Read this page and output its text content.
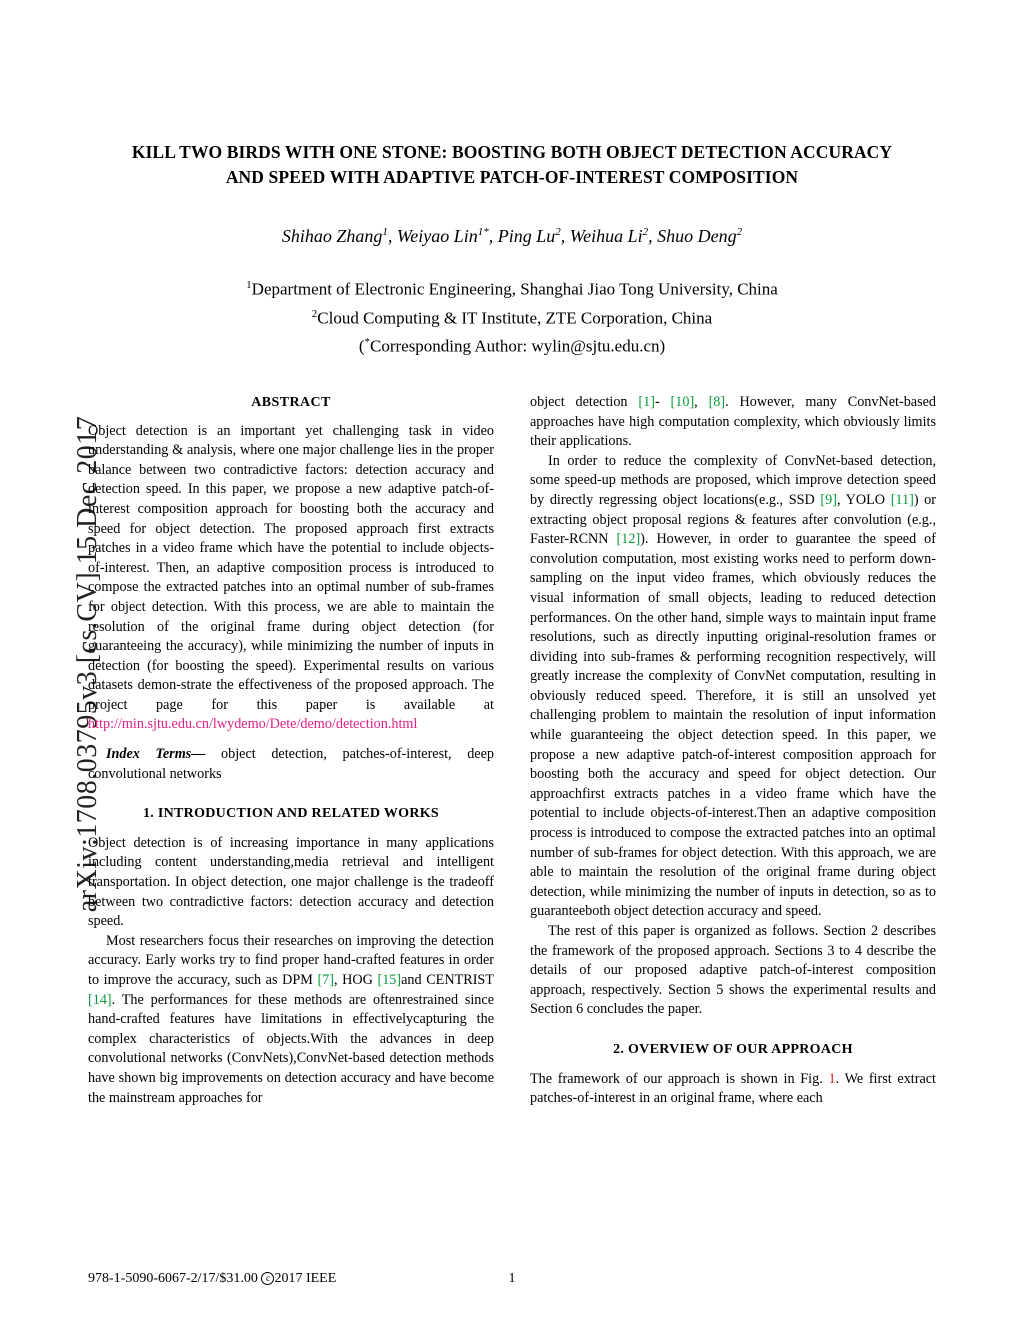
arXiv:1708.03795v3 [cs.CV] 15 Dec 2017
KILL TWO BIRDS WITH ONE STONE: BOOSTING BOTH OBJECT DETECTION ACCURACY AND SPEED WITH ADAPTIVE PATCH-OF-INTEREST COMPOSITION
Shihao Zhang$^1$, Weiyao Lin$^{1*}$, Ping Lu$^2$, Weihua Li$^2$, Shuo Deng$^2$
$^1$Department of Electronic Engineering, Shanghai Jiao Tong University, China
$^2$Cloud Computing & IT Institute, ZTE Corporation, China
(*Corresponding Author: wylin@sjtu.edu.cn)
ABSTRACT

Object detection is an important yet challenging task in video understanding & analysis, where one major challenge lies in the proper balance between two contradictive factors: detection accuracy and detection speed. In this paper, we propose a new adaptive patch-of-interest composition approach for boosting both the accuracy and speed for object detection. The proposed approach first extracts patches in a video frame which have the potential to include objects-of-interest. Then, an adaptive composition process is introduced to compose the extracted patches into an optimal number of sub-frames for object detection. With this process, we are able to maintain the resolution of the original frame during object detection (for guaranteeing the accuracy), while minimizing the number of inputs in detection (for boosting the speed). Experimental results on various datasets demon-strate the effectiveness of the proposed approach. The project page for this paper is available at http://min.sjtu.edu.cn/lwydemo/Dete/demo/detection.html

Index Terms— object detection, patches-of-interest, deep convolutional networks

1. INTRODUCTION AND RELATED WORKS

Object detection is of increasing importance in many applications including content understanding,media retrieval and intelligent transportation. In object detection, one major challenge is the tradeoff between two contradictive factors: detection accuracy and detection speed.

Most researchers focus their researches on improving the detection accuracy. Early works try to find proper hand-crafted features in order to improve the accuracy, such as DPM [7], HOG [15]and CENTRIST [14]. The performances for these methods are oftenrestrained since hand-crafted features have limitations in effectivelycapturing the complex characteristics of objects.With the advances in deep convolutional networks (ConvNets),ConvNet-based detection methods have shown big improvements on detection accuracy and have become the mainstream approaches for

object detection [1]- [10], [8]. However, many ConvNet-based approaches have high computation complexity, which obviously limits their applications.

In order to reduce the complexity of ConvNet-based detection, some speed-up methods are proposed, which improve detection speed by directly regressing object locations(e.g., SSD [9], YOLO [11]) or extracting object proposal regions & features after convolution (e.g., Faster-RCNN [12]). However, in order to guarantee the speed of convolution computation, most existing works need to perform down-sampling on the input video frames, which obviously reduces the visual information of small objects, leading to reduced detection performances. On the other hand, simple ways to maintain input frame resolutions, such as directly inputting original-resolution frames or dividing into sub-frames & performing recognition respectively, will greatly increase the complexity of ConvNet computation, resulting in obviously reduced speed. Therefore, it is still an unsolved yet challenging problem to maintain the resolution of input information while guaranteeing the object detection speed. In this paper, we propose a new adaptive patch-of-interest composition approach for boosting both the accuracy and speed for object detection. Our approachfirst extracts patches in a video frame which have the potential to include objects-of-interest.Then an adaptive composition process is introduced to compose the extracted patches into an optimal number of sub-frames for object detection. With this approach, we are able to maintain the resolution of the original frame during object detection, while minimizing the number of inputs in detection, so as to guaranteeboth object detection accuracy and speed.

The rest of this paper is organized as follows. Section 2 describes the framework of the proposed approach. Sections 3 to 4 describe the details of our proposed adaptive patch-of-interest composition approach, respectively. Section 5 shows the experimental results and Section 6 concludes the paper.

2. OVERVIEW OF OUR APPROACH

The framework of our approach is shown in Fig. 1. We first extract patches-of-interest in an original frame, where each

978-1-5090-6067-2/17/$31.00 c 2017 IEEE	1
